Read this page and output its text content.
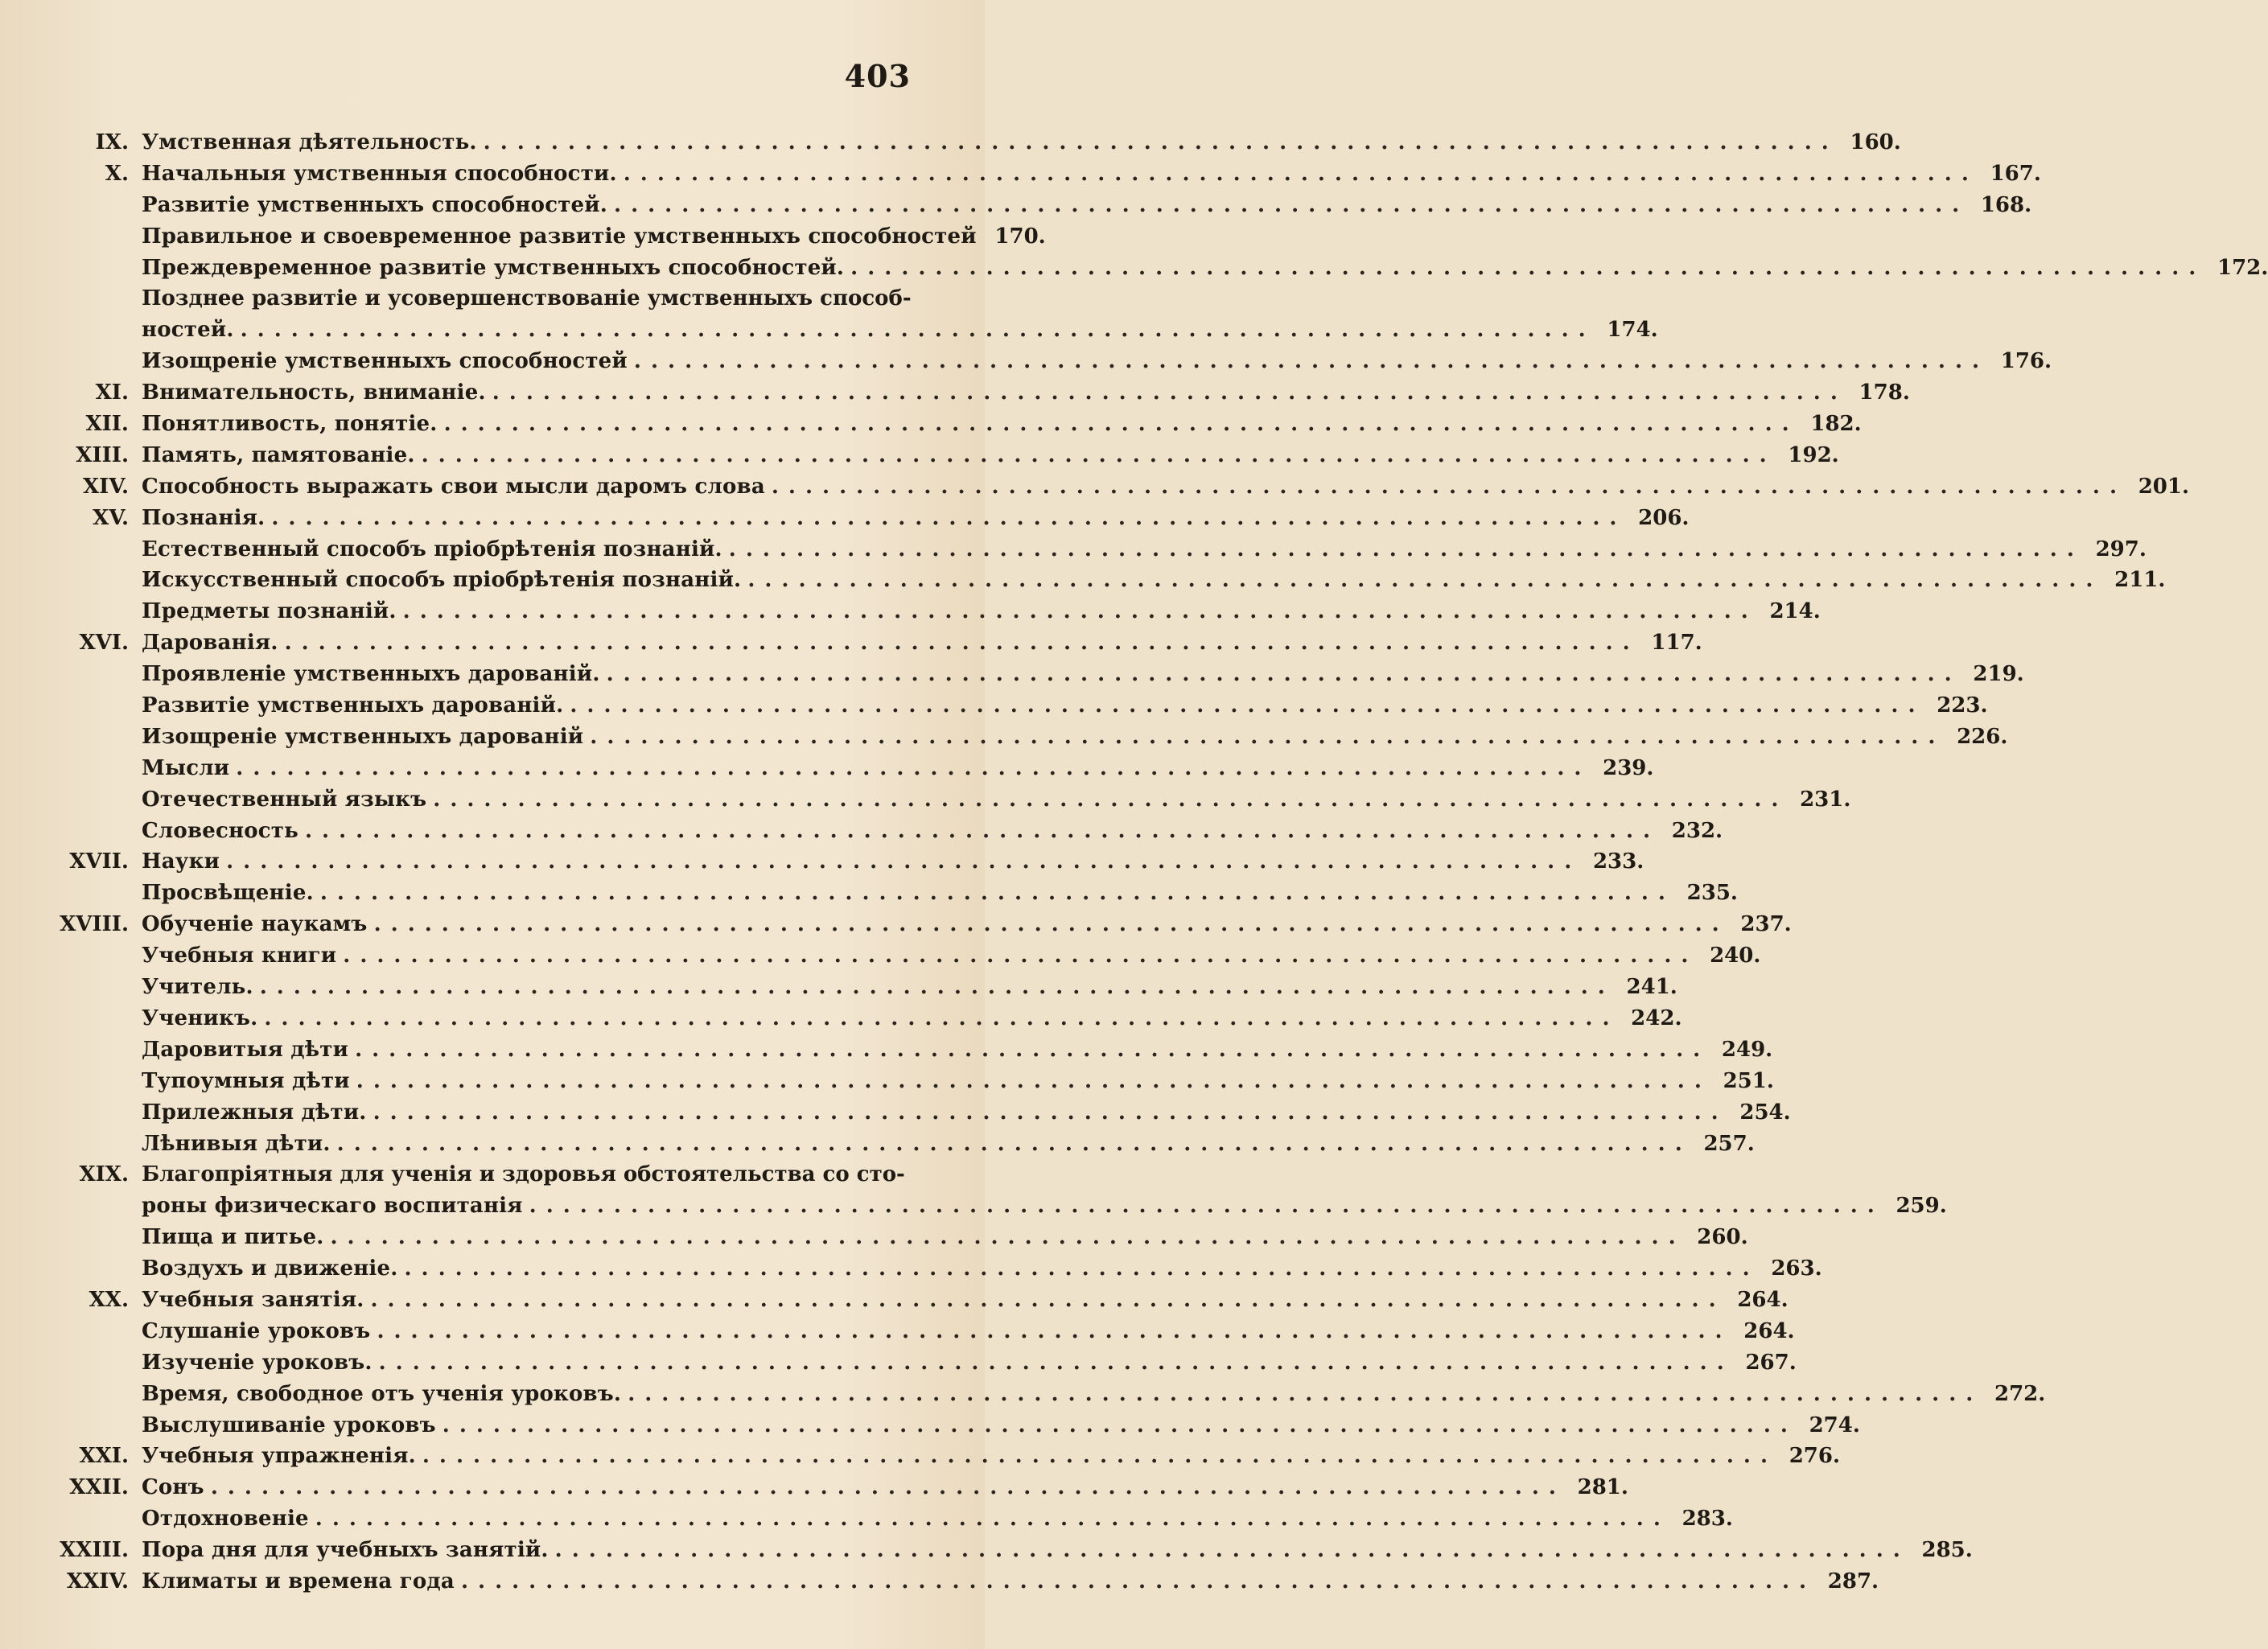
403
IX. Умственная дѣятельность. ................................................................................ 160.
X. Начальныя умственныя способности. ................................................................................ 167.
Развитіе умственныхъ способностей. ................................................................................ 168.
Правильное и своевременное развитіе умственныхъ способностей 170.
Преждевременное развитіе умственныхъ способностей. ................................................................................ 172.
Позднее развитіе и усовершенствованіе умственныхъ способ-
ностей. ................................................................................ 174.
Изощреніе умственныхъ способностей ................................................................................ 176.
XI. Внимательность, вниманіе. ................................................................................ 178.
XII. Понятливость, понятіе. ................................................................................ 182.
XIII. Память, памятованіе. ................................................................................ 192.
XIV. Способность выражать свои мысли даромъ слова ................................................................................ 201.
XV. Познанія. ................................................................................ 206.
Естественный способъ пріобрѣтенія познаній. ................................................................................ 297.
Искусственный способъ пріобрѣтенія познаній. ................................................................................ 211.
Предметы познаній. ................................................................................ 214.
XVI. Дарованія. ................................................................................ 117.
Проявленіе умственныхъ дарованій. ................................................................................ 219.
Развитіе умственныхъ дарованій. ................................................................................ 223.
Изощреніе умственныхъ дарованій ................................................................................ 226.
Мысли ................................................................................ 239.
Отечественный языкъ ................................................................................ 231.
Словесность ................................................................................ 232.
XVII. Науки ................................................................................ 233.
Просвѣщеніе. ................................................................................ 235.
XVIII. Обученіе наукамъ ................................................................................ 237.
Учебныя книги ................................................................................ 240.
Учитель. ................................................................................ 241.
Ученикъ. ................................................................................ 242.
Даровитыя дѣти ................................................................................ 249.
Тупоумныя дѣти ................................................................................ 251.
Прилежныя дѣти. ................................................................................ 254.
Лѣнивыя дѣти. ................................................................................ 257.
XIX. Благопріятныя для ученія и здоровья обстоятельства со сто-
роны физическаго воспитанія ................................................................................ 259.
Пища и питье. ................................................................................ 260.
Воздухъ и движеніе. ................................................................................ 263.
XX. Учебныя занятія. ................................................................................ 264.
Слушаніе уроковъ ................................................................................ 264.
Изученіе уроковъ. ................................................................................ 267.
Время, свободное отъ ученія уроковъ. ................................................................................ 272.
Выслушиваніе уроковъ ................................................................................ 274.
XXI. Учебныя упражненія. ................................................................................ 276.
XXII. Сонъ ................................................................................ 281.
Отдохновеніе ................................................................................ 283.
XXIII. Пора дня для учебныхъ занятій. ................................................................................ 285.
XXIV. Климаты и времена года ................................................................................ 287.
